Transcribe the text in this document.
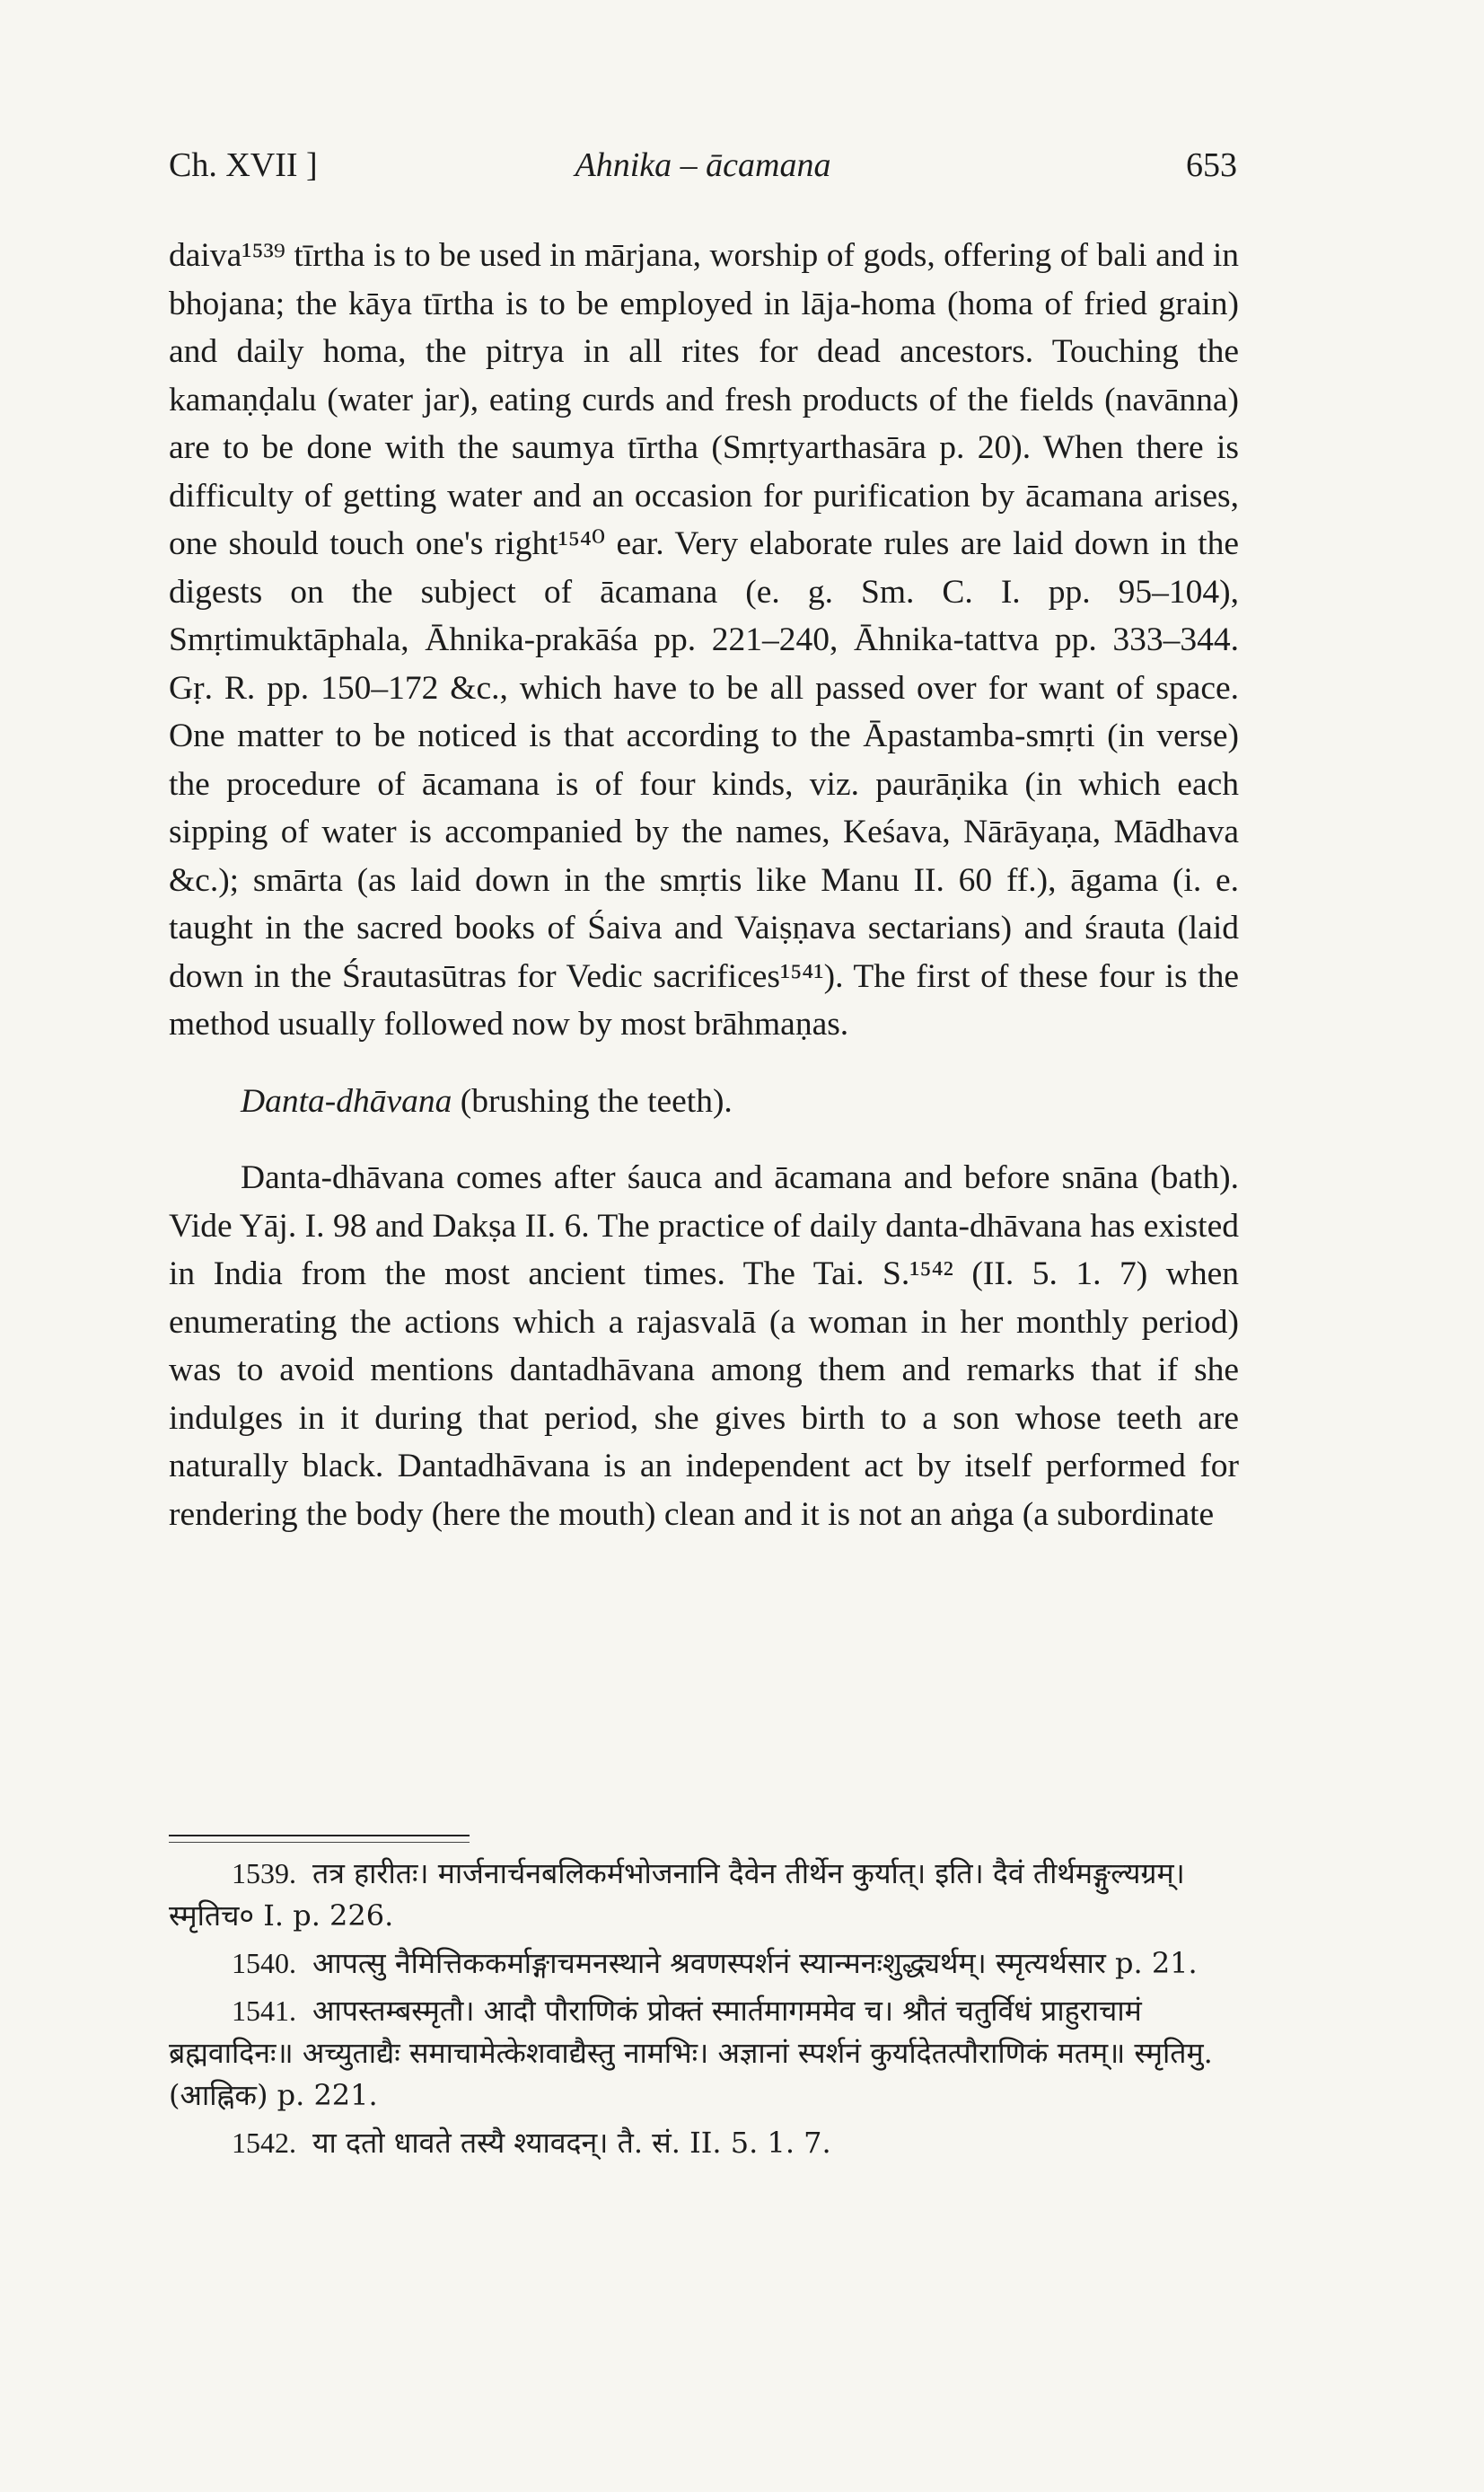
Ch. XVII ]	Ahnika – ācamana	653

daiva¹⁵³⁹ tīrtha is to be used in mārjana, worship of gods, offering of bali and in bhojana; the kāya tīrtha is to be employed in lāja-homa (homa of fried grain) and daily homa, the pitrya in all rites for dead ancestors. Touching the kamaṇḍalu (water jar), eating curds and fresh products of the fields (navānna) are to be done with the saumya tīrtha (Smṛtyarthasāra p. 20). When there is difficulty of getting water and an occasion for purification by ācamana arises, one should touch one's right¹⁵⁴⁰ ear. Very elaborate rules are laid down in the digests on the subject of ācamana (e. g. Sm. C. I. pp. 95–104), Smṛtimuktāphala, Āhnika-prakāśa pp. 221–240, Āhnika-tattva pp. 333–344. Gṛ. R. pp. 150–172 &c., which have to be all passed over for want of space. One matter to be noticed is that according to the Āpastamba-smṛti (in verse) the procedure of ācamana is of four kinds, viz. paurāṇika (in which each sipping of water is accompanied by the names, Keśava, Nārāyaṇa, Mādhava &c.); smārta (as laid down in the smṛtis like Manu II. 60 ff.), āgama (i. e. taught in the sacred books of Śaiva and Vaiṣṇava sectarians) and śrauta (laid down in the Śrautasūtras for Vedic sacrifices¹⁵⁴¹). The first of these four is the method usually followed now by most brāhmaṇas.

Danta-dhāvana (brushing the teeth).

Danta-dhāvana comes after śauca and ācamana and before snāna (bath). Vide Yāj. I. 98 and Dakṣa II. 6. The practice of daily danta-dhāvana has existed in India from the most ancient times. The Tai. S.¹⁵⁴² (II. 5. 1. 7) when enumerating the actions which a rajasvalā (a woman in her monthly period) was to avoid mentions dantadhāvana among them and remarks that if she indulges in it during that period, she gives birth to a son whose teeth are naturally black. Dantadhāvana is an independent act by itself performed for rendering the body (here the mouth) clean and it is not an aṅga (a subordinate

1539. तत्र हारीतः। मार्जनार्चनबलिकर्मभोजनानि दैवेन तीर्थेन कुर्यात्। इति। दैवं तीर्थमङ्गुल्यग्रम्। स्मृतिच० I. p. 226.

1540. आपत्सु नैमित्तिककर्माङ्गाचमनस्थाने श्रवणस्पर्शनं स्यान्मनःशुद्ध्यर्थम्। स्मृत्यर्थसार p. 21.

1541. आपस्तम्बस्मृतौ। आदौ पौराणिकं प्रोक्तं स्मार्तमागममेव च। श्रौतं चतुर्विधं प्राहुराचामं ब्रह्मवादिनः॥ अच्युताद्यैः समाचामेत्केशवाद्यैस्तु नामभिः। अज्ञानां स्पर्शनं कुर्यादेतत्पौराणिकं मतम्॥ स्मृतिमु. (आह्निक) p. 221.

1542. या दतो धावते तस्यै श्यावदन्। तै. सं. II. 5. 1. 7.
